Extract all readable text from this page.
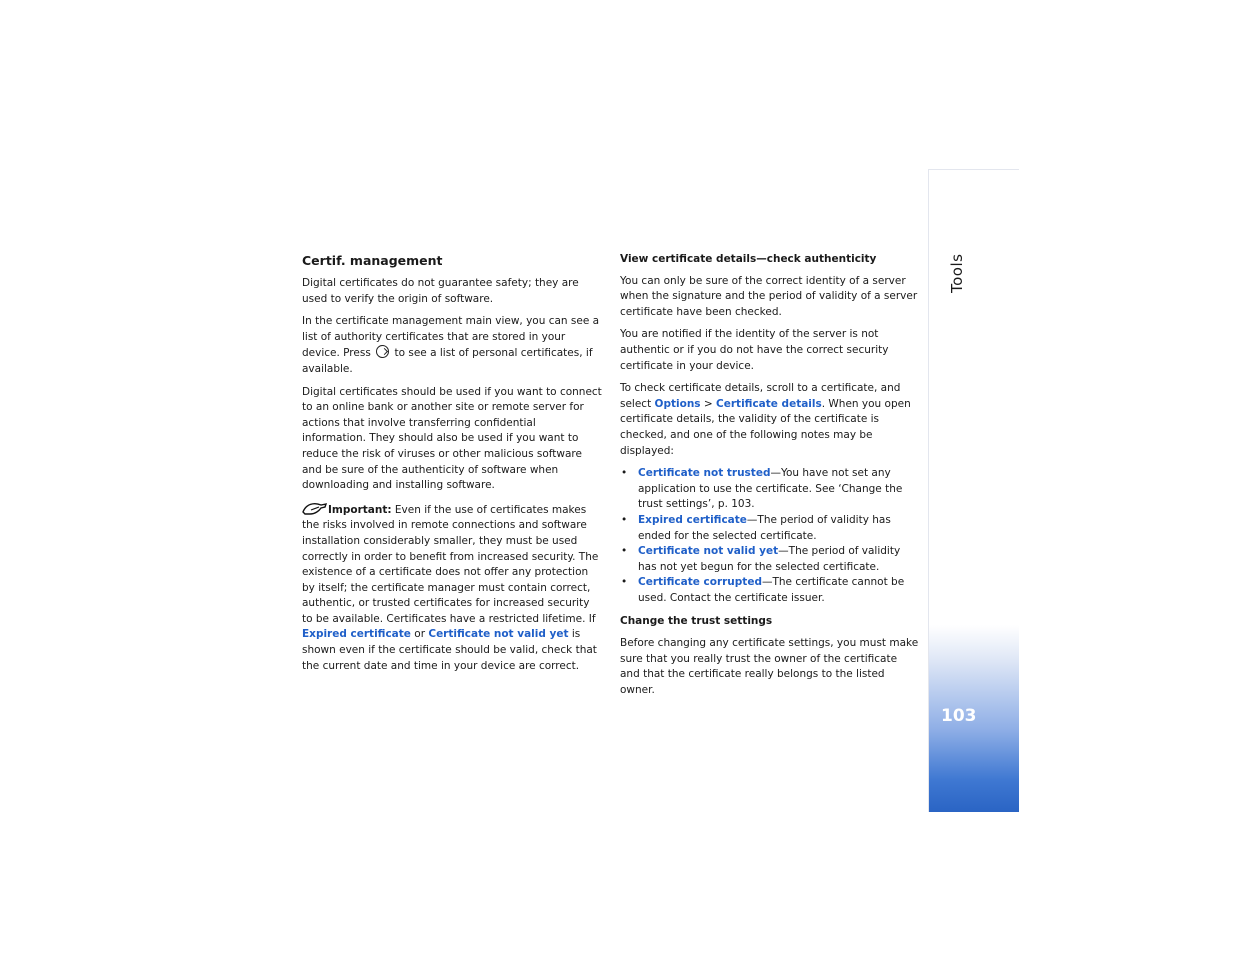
Certif. management

Digital certificates do not guarantee safety; they are used to verify the origin of software.

In the certificate management main view, you can see a list of authority certificates that are stored in your device. Press to see a list of personal certificates, if available.

Digital certificates should be used if you want to connect to an online bank or another site or remote server for actions that involve transferring confidential information. They should also be used if you want to reduce the risk of viruses or other malicious software and be sure of the authenticity of software when downloading and installing software.

Important: Even if the use of certificates makes the risks involved in remote connections and software installation considerably smaller, they must be used correctly in order to benefit from increased security. The existence of a certificate does not offer any protection by itself; the certificate manager must contain correct, authentic, or trusted certificates for increased security to be available. Certificates have a restricted lifetime. If Expired certificate or Certificate not valid yet is shown even if the certificate should be valid, check that the current date and time in your device are correct.

View certificate details—check authenticity

You can only be sure of the correct identity of a server when the signature and the period of validity of a server certificate have been checked.

You are notified if the identity of the server is not authentic or if you do not have the correct security certificate in your device.

To check certificate details, scroll to a certificate, and select Options > Certificate details. When you open certificate details, the validity of the certificate is checked, and one of the following notes may be displayed:

• Certificate not trusted—You have not set any application to use the certificate. See ‘Change the trust settings’, p. 103.
• Expired certificate—The period of validity has ended for the selected certificate.
• Certificate not valid yet—The period of validity has not yet begun for the selected certificate.
• Certificate corrupted—The certificate cannot be used. Contact the certificate issuer.
Change the trust settings

Before changing any certificate settings, you must make sure that you really trust the owner of the certificate and that the certificate really belongs to the listed owner.

Tools
103
